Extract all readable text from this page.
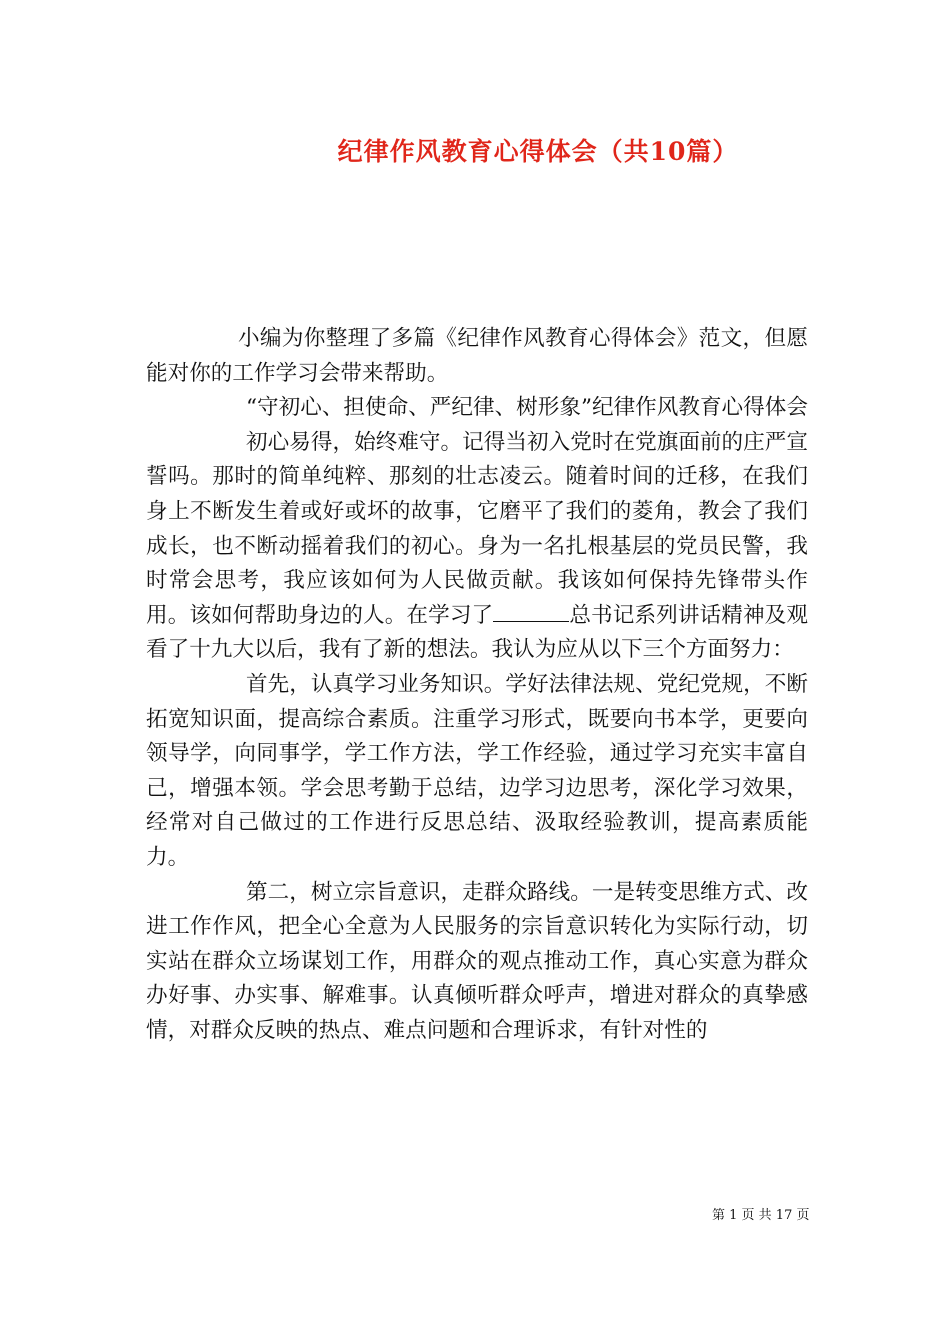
纪律作风教育心得体会（共10篇）

小编为你整理了多篇《纪律作风教育心得体会》范文，但愿能对你的工作学习会带来帮助。

“守初心、担使命、严纪律、树形象”纪律作风教育心得体会

初心易得，始终难守。记得当初入党时在党旗面前的庄严宣誓吗。那时的简单纯粹、那刻的壮志凌云。随着时间的迁移，在我们身上不断发生着或好或坏的故事，它磨平了我们的菱角，教会了我们成长，也不断动摇着我们的初心。身为一名扎根基层的党员民警，我时常会思考，我应该如何为人民做贡献。我该如何保持先锋带头作用。该如何帮助身边的人。在学习了	总书记系列讲话精神及观看了十九大以后，我有了新的想法。我认为应从以下三个方面努力：

首先，认真学习业务知识。学好法律法规、党纪党规，不断拓宽知识面，提高综合素质。注重学习形式，既要向书本学，更要向领导学，向同事学，学工作方法，学工作经验，通过学习充实丰富自己，增强本领。学会思考勤于总结，边学习边思考，深化学习效果，经常对自己做过的工作进行反思总结、汲取经验教训，提高素质能力。

第二，树立宗旨意识，走群众路线。一是转变思维方式、改进工作作风，把全心全意为人民服务的宗旨意识转化为实际行动，切实站在群众立场谋划工作，用群众的观点推动工作，真心实意为群众办好事、办实事、解难事。认真倾听群众呼声，增进对群众的真挚感情，对群众反映的热点、难点问题和合理诉求，有针对性的

第 1 页 共 17 页
